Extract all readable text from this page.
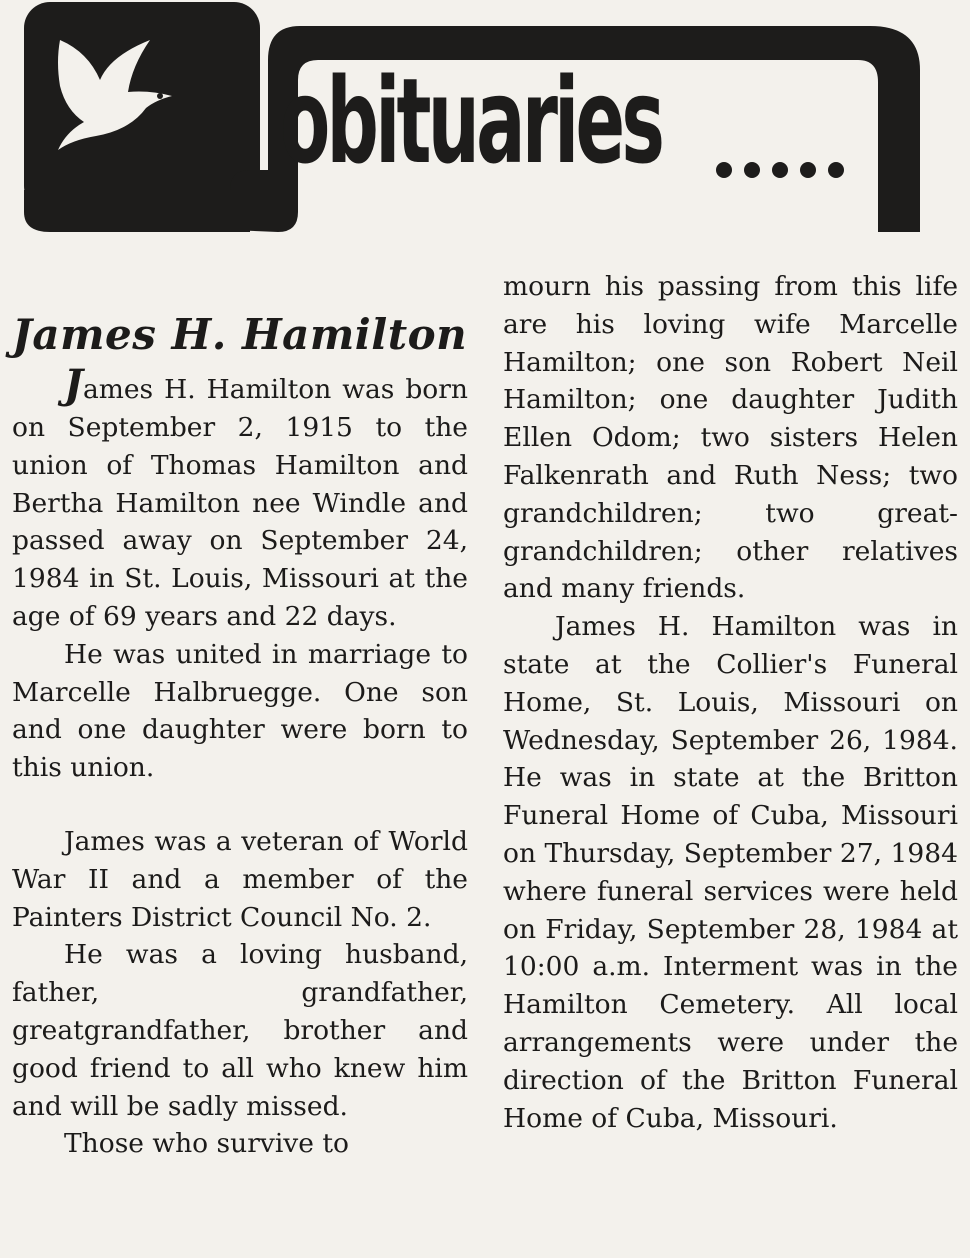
obituaries
James H. Hamilton

James H. Hamilton was born on September 2, 1915 to the union of Thomas Hamilton and Bertha Hamilton nee Windle and passed away on September 24, 1984 in St. Louis, Missouri at the age of 69 years and 22 days.

He was united in marriage to Marcelle Halbruegge. One son and one daughter were born to this union.

James was a veteran of World War II and a member of the Painters District Council No. 2.

He was a loving husband, father, grandfather, greatgrandfather, brother and good friend to all who knew him and will be sadly missed.

Those who survive to

mourn his passing from this life are his loving wife Marcelle Hamilton; one son Robert Neil Hamilton; one daughter Judith Ellen Odom; two sisters Helen Falkenrath and Ruth Ness; two grandchildren; two great-grandchildren; other relatives and many friends.

James H. Hamilton was in state at the Collier's Funeral Home, St. Louis, Missouri on Wednesday, September 26, 1984. He was in state at the Britton Funeral Home of Cuba, Missouri on Thursday, September 27, 1984 where funeral services were held on Friday, September 28, 1984 at 10:00 a.m. Interment was in the Hamilton Cemetery. All local arrangements were under the direction of the Britton Funeral Home of Cuba, Missouri.
